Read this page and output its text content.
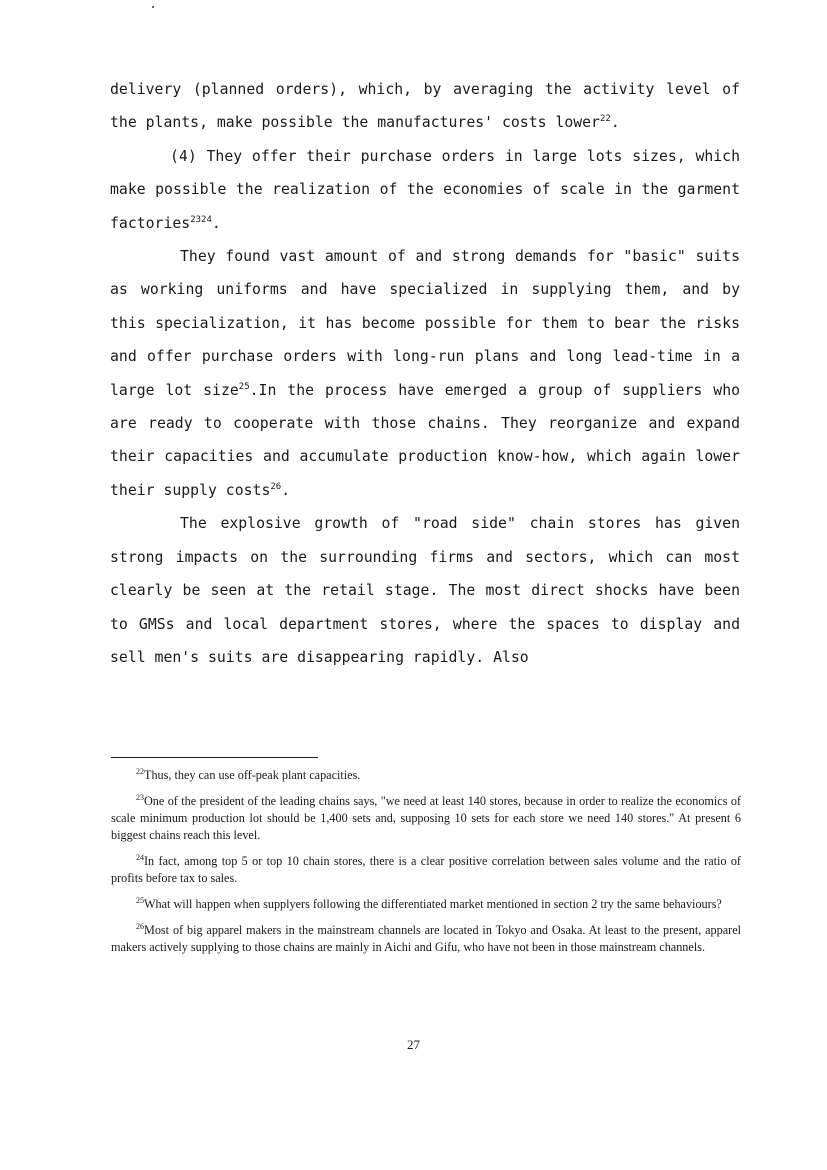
delivery (planned orders), which, by averaging the activity level of the plants, make possible the manufactures' costs lower$^{22}$.

(4) They offer their purchase orders in large lots sizes, which make possible the realization of the economies of scale in the garment factories$^{2324}$.

They found vast amount of and strong demands for "basic" suits as working uniforms and have specialized in supplying them, and by this specialization, it has become possible for them to bear the risks and offer purchase orders with long-run plans and long lead-time in a large lot size$^{25}$.In the process have emerged a group of suppliers who are ready to cooperate with those chains. They reorganize and expand their capacities and accumulate production know-how, which again lower their supply costs$^{26}$.

The explosive growth of "road side" chain stores has given strong impacts on the surrounding firms and sectors, which can most clearly be seen at the retail stage. The most direct shocks have been to GMSs and local department stores, where the spaces to display and sell men's suits are disappearing rapidly. Also

$^{22}$Thus, they can use off-peak plant capacities.

$^{23}$One of the president of the leading chains says, "we need at least 140 stores, because in order to realize the economics of scale minimum production lot should be 1,400 sets and, supposing 10 sets for each store we need 140 stores." At present 6 biggest chains reach this level.

$^{24}$In fact, among top 5 or top 10 chain stores, there is a clear positive correlation between sales volume and the ratio of profits before tax to sales.

$^{25}$What will happen when supplyers following the differentiated market mentioned in section 2 try the same behaviours?

$^{26}$Most of big apparel makers in the mainstream channels are located in Tokyo and Osaka. At least to the present, apparel makers actively supplying to those chains are mainly in Aichi and Gifu, who have not been in those mainstream channels.

27
